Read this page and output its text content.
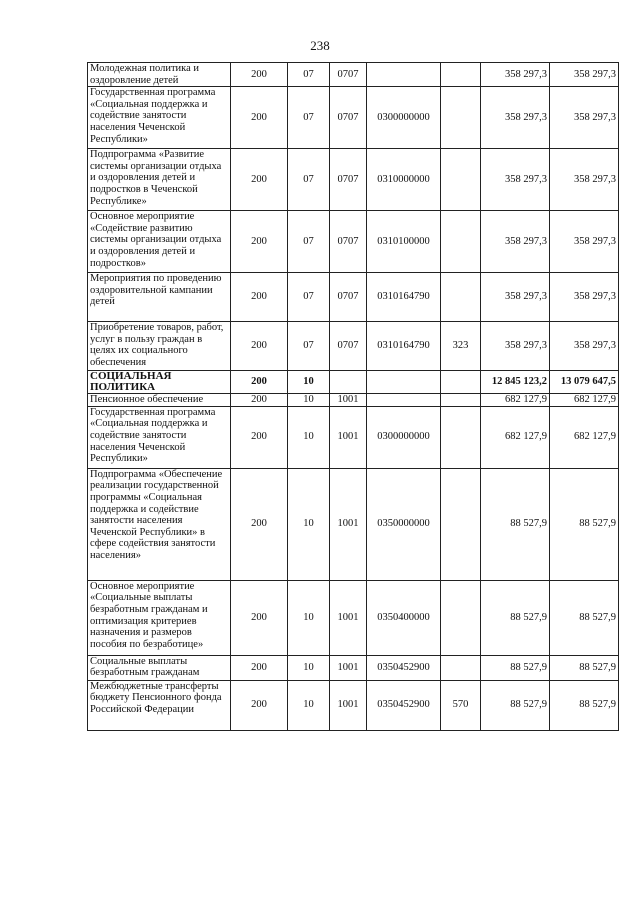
238
Молодежная политика и оздоровление детей	200	07	0707			358 297,3	358 297,3
Государственная программа «Социальная поддержка и содействие занятости населения Чеченской Республики»	200	07	0707	0300000000		358 297,3	358 297,3
Подпрограмма «Развитие системы организации отдыха и оздоровления детей и подростков в Чеченской Республике»	200	07	0707	0310000000		358 297,3	358 297,3
Основное мероприятие «Содействие развитию системы организации отдыха и оздоровления детей и подростков»	200	07	0707	0310100000		358 297,3	358 297,3
Мероприятия по проведению оздоровительной кампании детей	200	07	0707	0310164790		358 297,3	358 297,3
Приобретение товаров, работ, услуг в пользу граждан в целях их социального обеспечения	200	07	0707	0310164790	323	358 297,3	358 297,3
СОЦИАЛЬНАЯ ПОЛИТИКА	200	10				12 845 123,2	13 079 647,5
Пенсионное обеспечение	200	10	1001			682 127,9	682 127,9
Государственная программа «Социальная поддержка и содействие занятости населения Чеченской Республики»	200	10	1001	0300000000		682 127,9	682 127,9
Подпрограмма «Обеспечение реализации государственной программы «Социальная поддержка и содействие занятости населения Чеченской Республики» в сфере содействия занятости населения»	200	10	1001	0350000000		88 527,9	88 527,9
Основное мероприятие «Социальные выплаты безработным гражданам и оптимизация критериев назначения и размеров пособия по безработице»	200	10	1001	0350400000		88 527,9	88 527,9
Социальные выплаты безработным гражданам	200	10	1001	0350452900		88 527,9	88 527,9
Межбюджетные трансферты бюджету Пенсионного фонда Российской Федерации	200	10	1001	0350452900	570	88 527,9	88 527,9
